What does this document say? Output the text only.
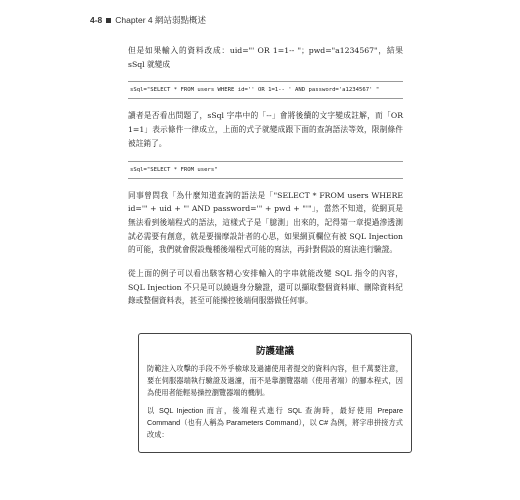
4-8 Chapter 4 網站弱點概述

但是如果輸入的資料改成：uid="' OR 1=1-- "；pwd="a1234567"，結果 sSql 就變成

sSql="SELECT * FROM users WHERE id='' OR 1=1-- ' AND password='a1234567' "

讀者是否看出問題了，sSql 字串中的「--」會將後續的文字變成註解，而「OR 1=1」表示條件一律成立，上面的式子就變成跟下面的查詢語法等效，限制條件被註銷了。

sSql="SELECT * FROM users"

同事曾問我「為什麼知道查詢的語法是「"SELECT * FROM users WHERE id='" + uid + "' AND password='" + pwd + "'"」，當然不知道，從網頁是無法看到後端程式的語法，這樣式子是「臆測」出來的，記得第一章提過滲透測試必需要有創意，就是要揣摩設計者的心思，如果網頁欄位有被 SQL Injection 的可能，我們就會假設幾種後端程式可能的寫法，再針對假設的寫法進行驗證。

從上面的例子可以看出駭客精心安排輸入的字串就能改變 SQL 指令的內容，SQL Injection 不只是可以繞過身分驗證，還可以擷取整個資料庫、刪除資料紀錄或整個資料表，甚至可能操控後端伺服器做任何事。

防護建議

防範注入攻擊的手段不外乎檢球及過濾使用者提交的資料內容，但千萬要注意，要在伺服器端執行驗證及過濾，而不是靠瀏覽器端（使用者端）的腳本程式，因為使用者能輕易操控瀏覽器端的機制。

以 SQL Injection 而言，後端程式進行 SQL 查詢時，最好使用 Prepare Command（也有人稱為 Parameters Command），以 C# 為例，將字串拼接方式改成：
